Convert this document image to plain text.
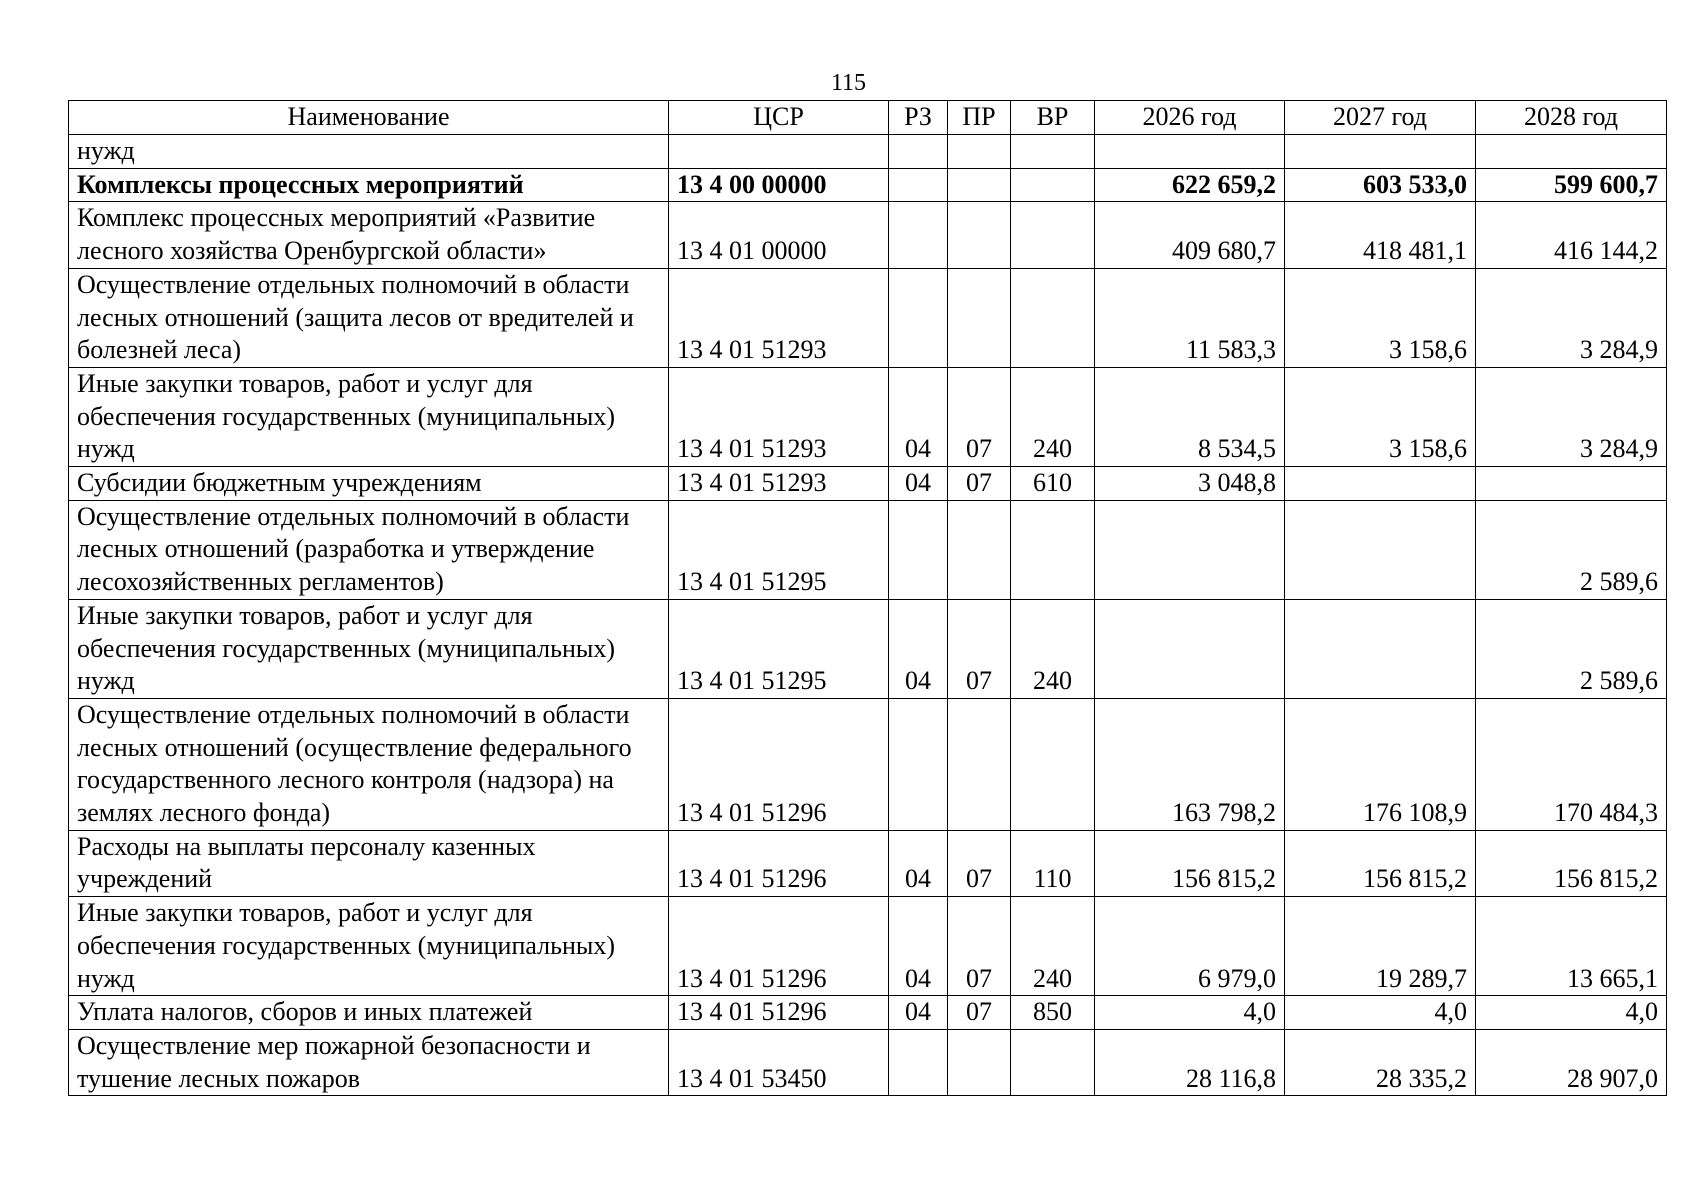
115
Наименование	ЦСР	РЗ	ПР	ВР	2026 год	2027 год	2028 год
нужд							
Комплексы процессных мероприятий	13 4 00 00000				622 659,2	603 533,0	599 600,7
Комплекс процессных мероприятий «Развитие лесного хозяйства Оренбургской области»	13 4 01 00000				409 680,7	418 481,1	416 144,2
Осуществление отдельных полномочий в области лесных отношений (защита лесов от вредителей и болезней леса)	13 4 01 51293				11 583,3	3 158,6	3 284,9
Иные закупки товаров, работ и услуг для обеспечения государственных (муниципальных) нужд	13 4 01 51293	04	07	240	8 534,5	3 158,6	3 284,9
Субсидии бюджетным учреждениям	13 4 01 51293	04	07	610	3 048,8		
Осуществление отдельных полномочий в области лесных отношений (разработка и утверждение лесохозяйственных регламентов)	13 4 01 51295						2 589,6
Иные закупки товаров, работ и услуг для обеспечения государственных (муниципальных) нужд	13 4 01 51295	04	07	240			2 589,6
Осуществление отдельных полномочий в области лесных отношений (осуществление федерального государственного лесного контроля (надзора) на землях лесного фонда)	13 4 01 51296				163 798,2	176 108,9	170 484,3
Расходы на выплаты персоналу казенных учреждений	13 4 01 51296	04	07	110	156 815,2	156 815,2	156 815,2
Иные закупки товаров, работ и услуг для обеспечения государственных (муниципальных) нужд	13 4 01 51296	04	07	240	6 979,0	19 289,7	13 665,1
Уплата налогов, сборов и иных платежей	13 4 01 51296	04	07	850	4,0	4,0	4,0
Осуществление мер пожарной безопасности и тушение лесных пожаров	13 4 01 53450				28 116,8	28 335,2	28 907,0
